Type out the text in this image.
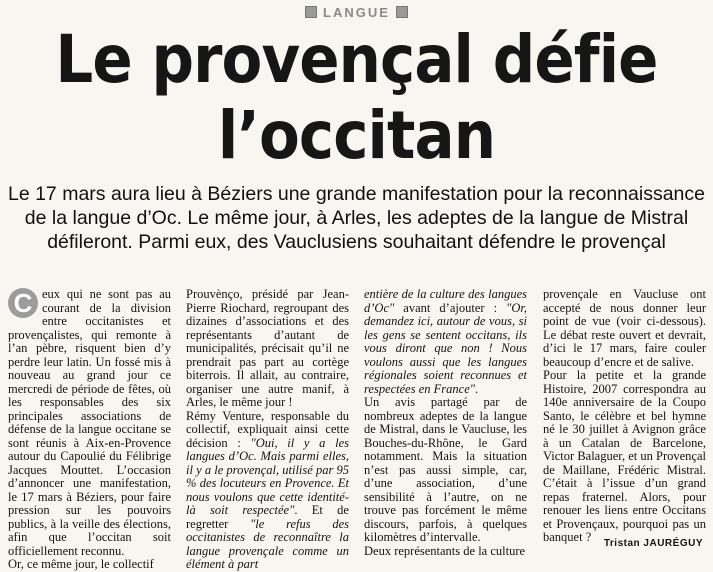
LANGUE
Le provençal défie
l’occitan
Le 17 mars aura lieu à Béziers une grande manifestation pour la reconnaissance
de la langue d’Oc. Le même jour, à Arles, les adeptes de la langue de Mistral
défileront. Parmi eux, des Vauclusiens souhaitant défendre le provençal
C eux qui ne sont pas au courant de la division entre occitanistes et provençalistes, qui remonte à l’an pèbre, risquent bien d’y perdre leur latin. Un fossé mis à nouveau au grand jour ce mercredi de période de fêtes, où les responsables des six principales associations de défense de la langue occitane se sont réunis à Aix-en-Provence autour du Capoulié du Félibrige Jacques Mouttet. L’occasion d’annoncer une manifestation, le 17 mars à Béziers, pour faire pression sur les pouvoirs publics, à la veille des élections, afin que l’occitan soit officiellement reconnu.

Or, ce même jour, le collectif

Prouvènço, présidé par Jean-Pierre Riochard, regroupant des dizaines d’associations et des représentants d’autant de municipalités, précisait qu’il ne prendrait pas part au cortège biterrois. Il allait, au contraire, organiser une autre manif, à Arles, le même jour !

Rémy Venture, responsable du collectif, expliquait ainsi cette décision : "Oui, il y a les langues d’Oc. Mais parmi elles, il y a le provençal, utilisé par 95 % des locuteurs en Provence. Et nous voulons que cette identité-là soit respectée". Et de regretter "le refus des occitanistes de reconnaître la langue provençale comme un élément à part

entière de la culture des langues d’Oc" avant d’ajouter : "Or, demandez ici, autour de vous, si les gens se sentent occitans, ils vous diront que non ! Nous voulons aussi que les langues régionales soient reconnues et respectées en France".

Un avis partagé par de nombreux adeptes de la langue de Mistral, dans le Vaucluse, les Bouches-du-Rhône, le Gard notamment. Mais la situation n’est pas aussi simple, car, d’une association, d’une sensibilité à l’autre, on ne trouve pas forcément le même discours, parfois, à quelques kilomètres d’intervalle.

Deux représentants de la culture

provençale en Vaucluse ont accepté de nous donner leur point de vue (voir ci-dessous). Le débat reste ouvert et devrait, d’ici le 17 mars, faire couler beaucoup d’encre et de salive.

Pour la petite et la grande Histoire, 2007 correspondra au 140e anniversaire de la Coupo Santo, le célèbre et bel hymne né le 30 juillet à Avignon grâce à un Catalan de Barcelone, Victor Balaguer, et un Provençal de Maillane, Frédéric Mistral. C’était à l’issue d’un grand repas fraternel. Alors, pour renouer les liens entre Occitans et Provençaux, pourquoi pas un banquet ?	Tristan JAURÉGUY
